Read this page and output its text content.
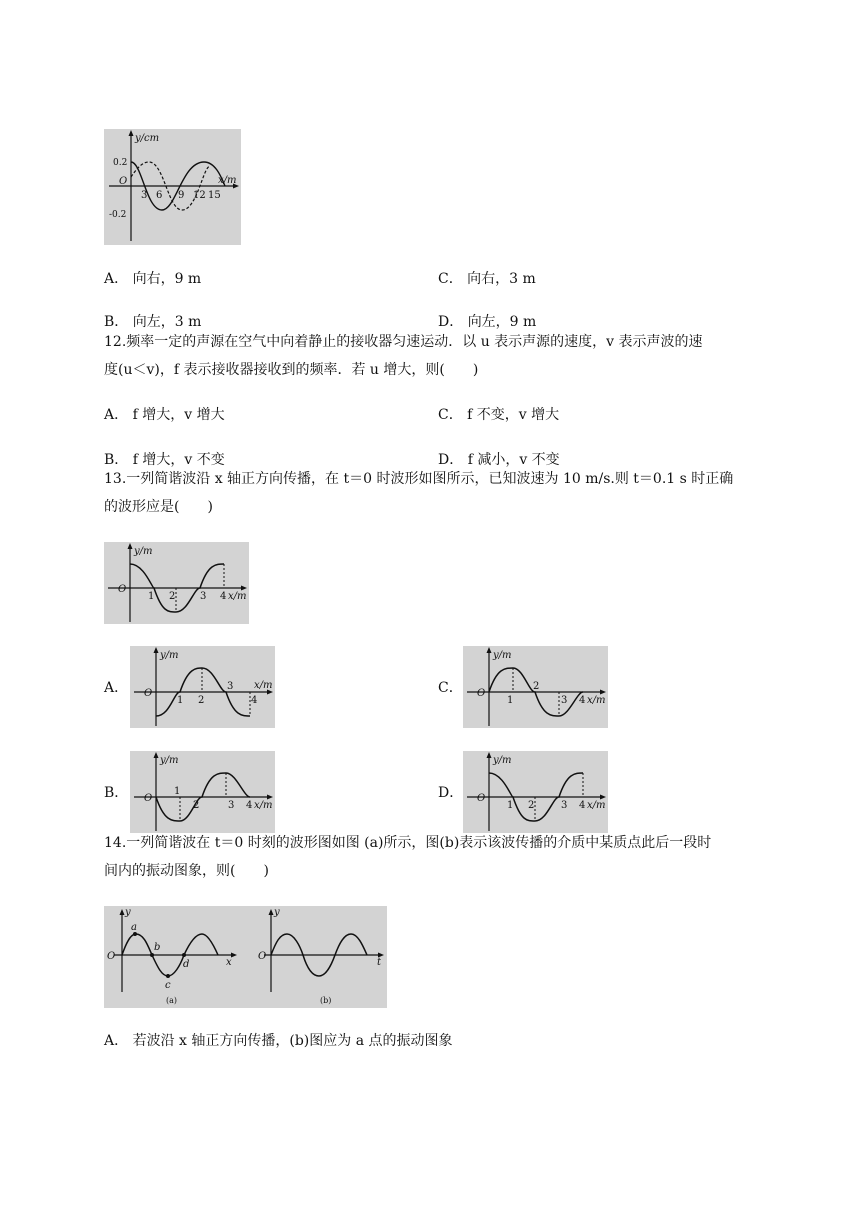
y/cm
x/m
O
0.2
-0.2
3 6 9 12 15
A． 向右，9 m	C． 向右，3 m
B． 向左，3 m	D． 向左，9 m
12.频率一定的声源在空气中向着静止的接收器匀速运动．以 u 表示声源的速度，v 表示声波的速
度(u＜v)，f 表示接收器接收到的频率．若 u 增大，则(　　)
A． f 增大，v 增大	C． f 不变，v 增大
B． f 增大，v 不变	D． f 减小，v 不变
13.一列简谐波沿 x 轴正方向传播，在 t＝0 时波形如图所示，已知波速为 10 m/s.则 t＝0.1 s 时正确
的波形应是(　　)
y/m
O
1 2 3 4 x/m
A．
y/m
O
1 2
3
4
x/m	C．
y/m
O
1
2
3 4 x/m
B．
y/m
O
1
2	3 4 x/m
D．
y/m
O
1 2	3 4 x/m
14.一列简谐波在 t＝0 时刻的波形图如图 (a)所示，图(b)表示该波传播的介质中某质点此后一段时
间内的振动图象，则(　　)
y
O
a
b
c
d	x
(a)
y
O
t
(b)
A． 若波沿 x 轴正方向传播，(b)图应为 a 点的振动图象
